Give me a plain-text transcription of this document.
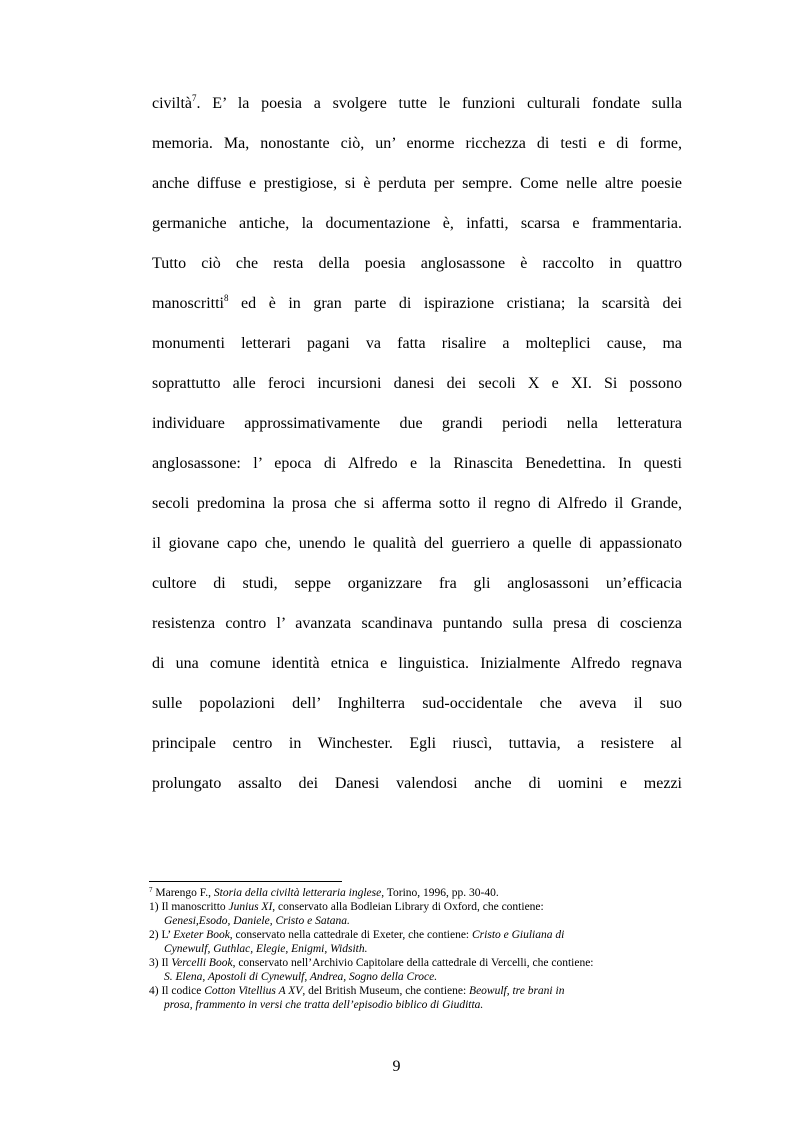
civiltà$^7$. E’ la poesia a svolgere tutte le funzioni culturali fondate sulla
memoria. Ma, nonostante ciò, un’ enorme ricchezza di testi e di forme,
anche diffuse e prestigiose, si è perduta per sempre. Come nelle altre poesie
germaniche antiche, la documentazione è, infatti, scarsa e frammentaria.
Tutto ciò che resta della poesia anglosassone è raccolto in quattro
manoscritti$^8$ ed è in gran parte di ispirazione cristiana; la scarsità dei
monumenti letterari pagani va fatta risalire a molteplici cause, ma
soprattutto alle feroci incursioni danesi dei secoli X e XI. Si possono
individuare approssimativamente due grandi periodi nella letteratura
anglosassone: l’ epoca di Alfredo e la Rinascita Benedettina. In questi
secoli predomina la prosa che si afferma sotto il regno di Alfredo il Grande,
il giovane capo che, unendo le qualità del guerriero a quelle di appassionato
cultore di studi, seppe organizzare fra gli anglosassoni un’efficacia
resistenza contro l’ avanzata scandinava puntando sulla presa di coscienza
di una comune identità etnica e linguistica. Inizialmente Alfredo regnava
sulle popolazioni dell’ Inghilterra sud-occidentale che aveva il suo
principale centro in Winchester. Egli riuscì, tuttavia, a resistere al
prolungato assalto dei Danesi valendosi anche di uomini e mezzi
$^7$ Marengo F., Storia della civiltà letteraria inglese, Torino, 1996, pp. 30-40.
1) Il manoscritto Junius XI, conservato alla Bodleian Library di Oxford, che contiene:
Genesi,Esodo, Daniele, Cristo e Satana.
2) L’ Exeter Book, conservato nella cattedrale di Exeter, che contiene: Cristo e Giuliana di
Cynewulf, Guthlac, Elegie, Enigmi, Widsith.
3) Il Vercelli Book, conservato nell’Archivio Capitolare della cattedrale di Vercelli, che contiene:
S. Elena, Apostoli di Cynewulf, Andrea, Sogno della Croce.
4) Il codice Cotton Vitellius A XV, del British Museum, che contiene: Beowulf, tre brani in
prosa, frammento in versi che tratta dell’episodio biblico di Giuditta.
9
